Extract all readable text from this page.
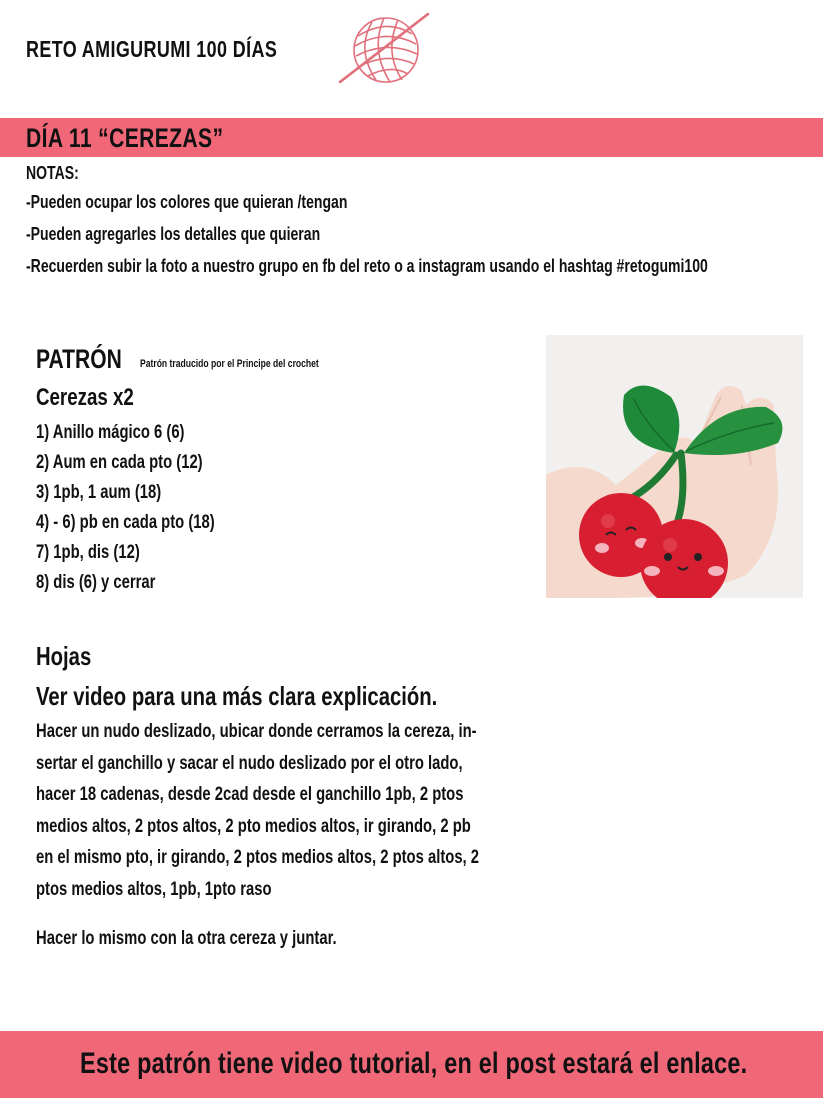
RETO AMIGURUMI 100 DÍAS
DÍA 11 “CEREZAS”
NOTAS:
-Pueden ocupar los colores que quieran /tengan
-Pueden agregarles los detalles que quieran
-Recuerden subir la foto a nuestro grupo en fb del reto o a instagram usando el hashtag #retogumi100
PATRÓN Patrón traducido por el Principe del crochet
Cerezas x2
1) Anillo mágico 6 (6)
2) Aum en cada pto (12)
3) 1pb, 1 aum (18)
4) - 6) pb en cada pto (18)
7) 1pb, dis (12)
8) dis (6) y cerrar
Hojas
Ver video para una más clara explicación.
Hacer un nudo deslizado, ubicar donde cerramos la cereza, in-
sertar el ganchillo y sacar el nudo deslizado por el otro lado,
hacer 18 cadenas, desde 2cad desde el ganchillo 1pb, 2 ptos
medios altos, 2 ptos altos, 2 pto medios altos, ir girando, 2 pb
en el mismo pto, ir girando, 2 ptos medios altos, 2 ptos altos, 2
ptos medios altos, 1pb, 1pto raso
Hacer lo mismo con la otra cereza y juntar.
Este patrón tiene video tutorial, en el post estará el enlace.
